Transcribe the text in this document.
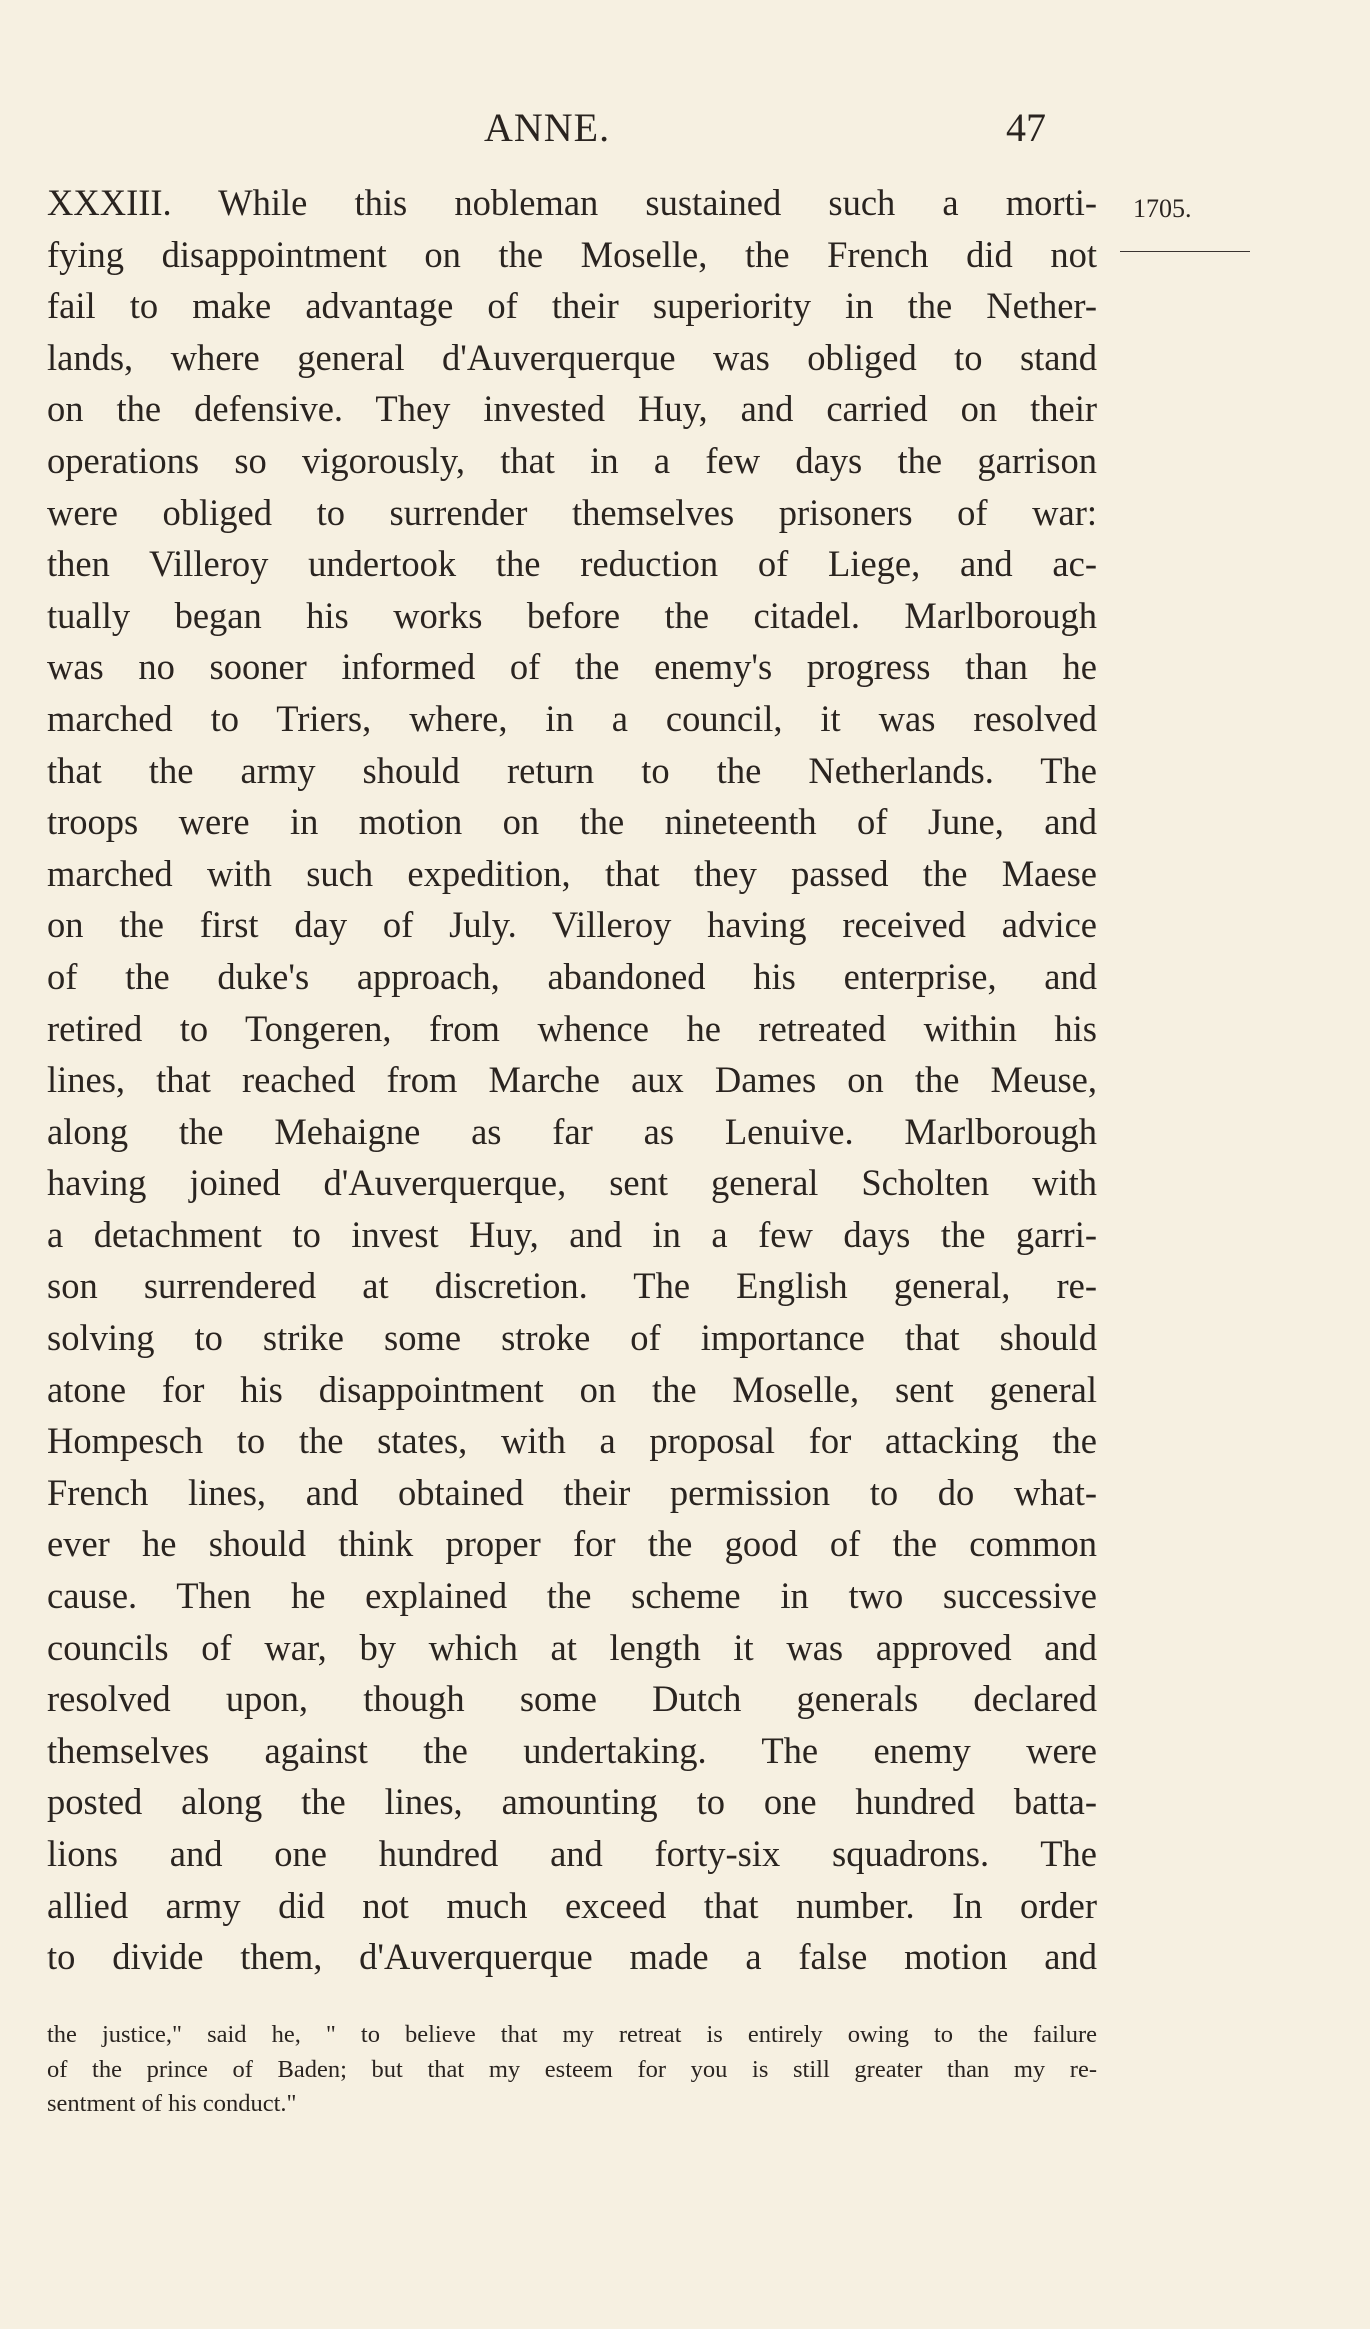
ANNE.	47
1705.
XXXIII. While this nobleman sustained such a morti-
fying disappointment on the Moselle, the French did not
fail to make advantage of their superiority in the Nether-
lands, where general d'Auverquerque was obliged to stand
on the defensive. They invested Huy, and carried on their
operations so vigorously, that in a few days the garrison
were obliged to surrender themselves prisoners of war:
then Villeroy undertook the reduction of Liege, and ac-
tually began his works before the citadel. Marlborough
was no sooner informed of the enemy's progress than he
marched to Triers, where, in a council, it was resolved
that the army should return to the Netherlands. The
troops were in motion on the nineteenth of June, and
marched with such expedition, that they passed the Maese
on the first day of July. Villeroy having received advice
of the duke's approach, abandoned his enterprise, and
retired to Tongeren, from whence he retreated within his
lines, that reached from Marche aux Dames on the Meuse,
along the Mehaigne as far as Lenuive. Marlborough
having joined d'Auverquerque, sent general Scholten with
a detachment to invest Huy, and in a few days the garri-
son surrendered at discretion. The English general, re-
solving to strike some stroke of importance that should
atone for his disappointment on the Moselle, sent general
Hompesch to the states, with a proposal for attacking the
French lines, and obtained their permission to do what-
ever he should think proper for the good of the common
cause. Then he explained the scheme in two successive
councils of war, by which at length it was approved and
resolved upon, though some Dutch generals declared
themselves against the undertaking. The enemy were
posted along the lines, amounting to one hundred batta-
lions and one hundred and forty-six squadrons. The
allied army did not much exceed that number. In order
to divide them, d'Auverquerque made a false motion and
the justice," said he, " to believe that my retreat is entirely owing to the failure
of the prince of Baden; but that my esteem for you is still greater than my re-
sentment of his conduct."
